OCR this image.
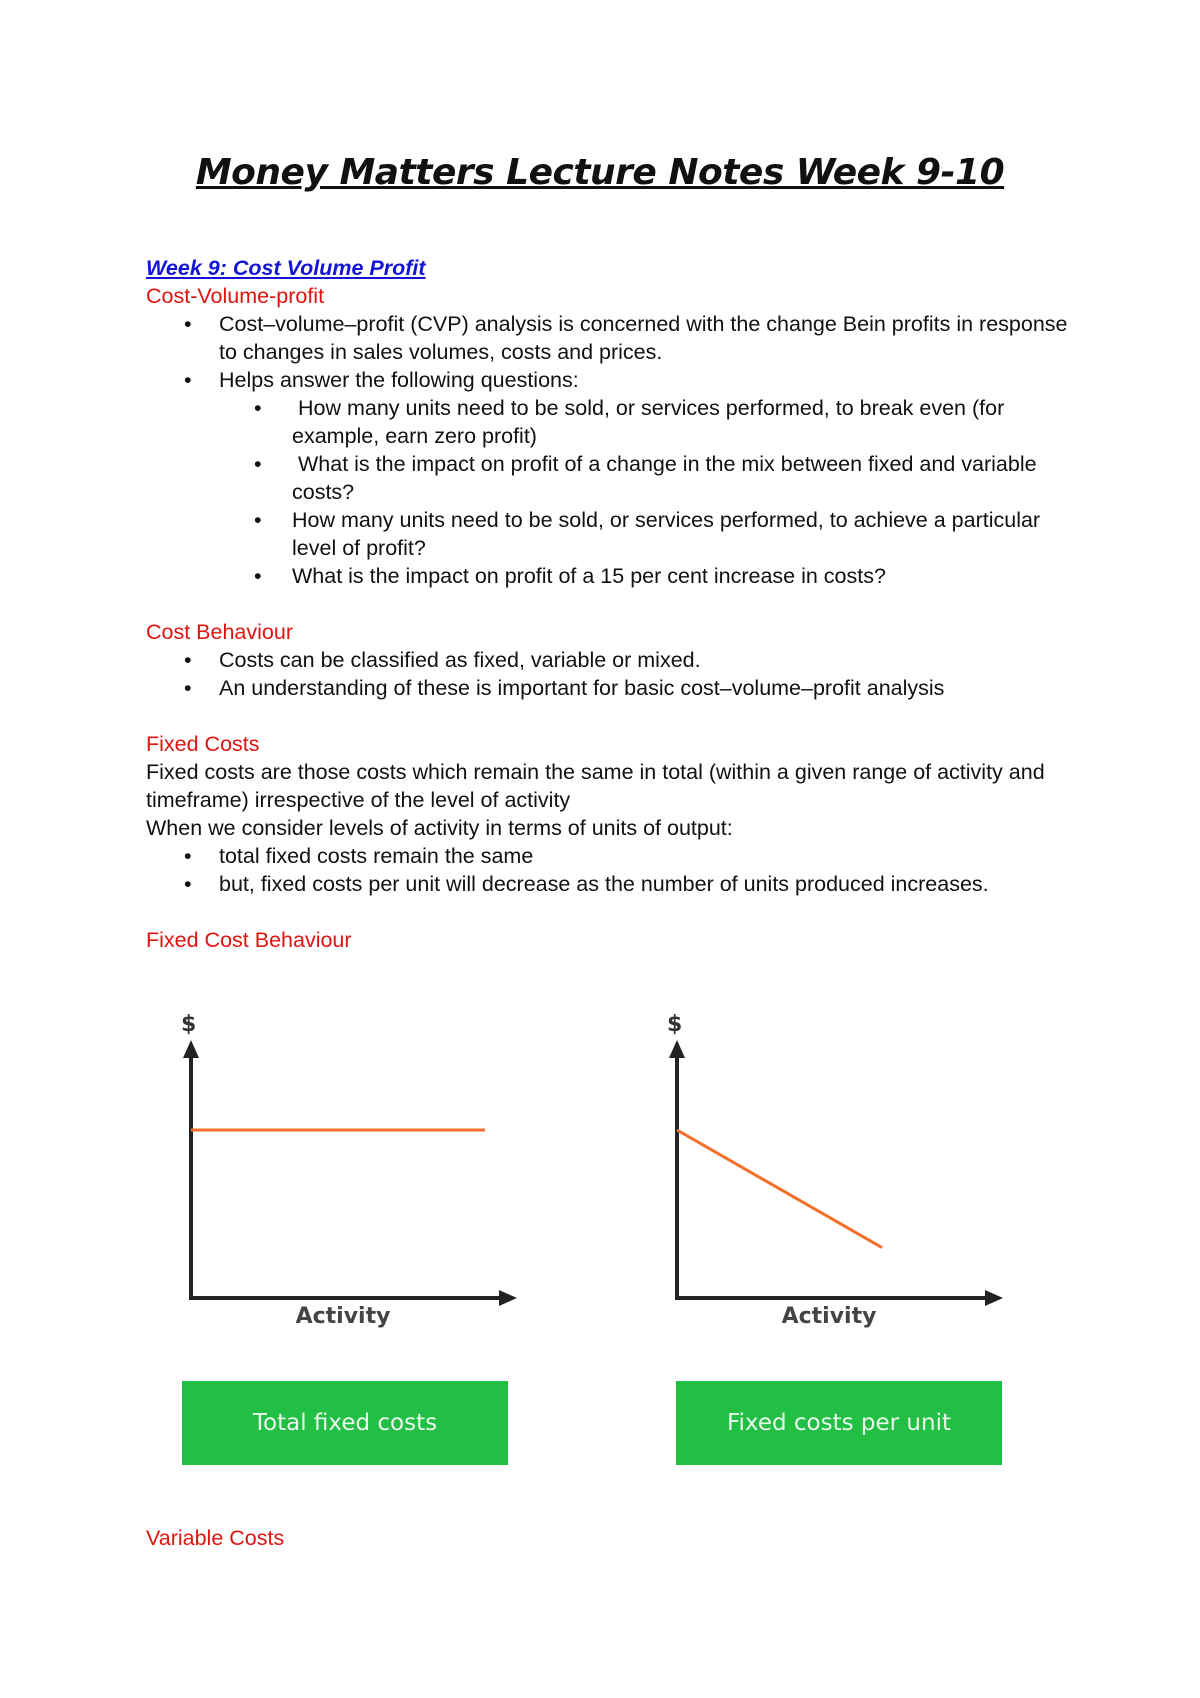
Money Matters Lecture Notes Week 9-10
Week 9: Cost Volume Profit
Cost-Volume-profit
• Cost–volume–profit (CVP) analysis is concerned with the change Bein profits in response to changes in sales volumes, costs and prices.
• Helps answer the following questions:
•  How many units need to be sold, or services performed, to break even (for example, earn zero profit)
•  What is the impact on profit of a change in the mix between fixed and variable costs?
• How many units need to be sold, or services performed, to achieve a particular level of profit?
• What is the impact on profit of a 15 per cent increase in costs?
Cost Behaviour
• Costs can be classified as fixed, variable or mixed.
• An understanding of these is important for basic cost–volume–profit analysis
Fixed Costs
Fixed costs are those costs which remain the same in total (within a given range of activity and timeframe) irrespective of the level of activity
When we consider levels of activity in terms of units of output:
• total fixed costs remain the same
• but, fixed costs per unit will decrease as the number of units produced increases.
Fixed Cost Behaviour
$
Activity
Total fixed costs
$
Activity
Fixed costs per unit
Variable Costs
